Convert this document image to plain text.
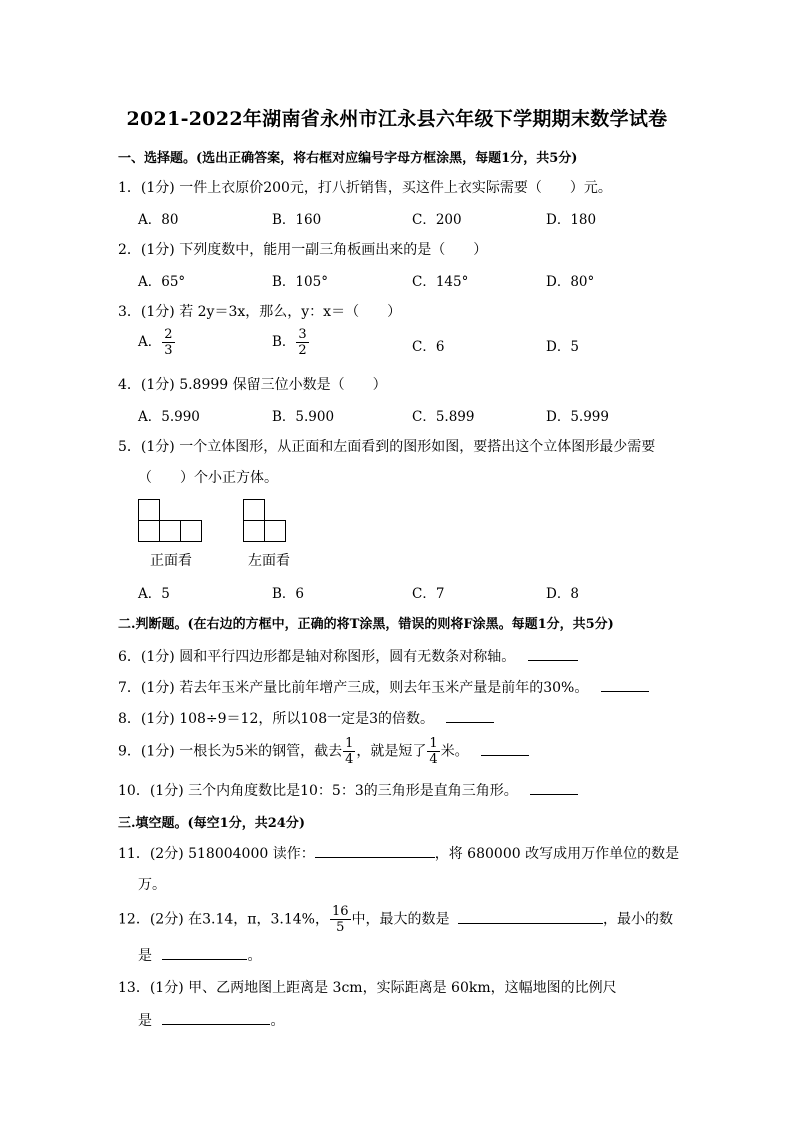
2021-2022年湖南省永州市江永县六年级下学期期末数学试卷
一、选择题。(选出正确答案，将右框对应编号字母方框涂黑，每题1分，共5分)
1．(1分) 一件上衣原价200元，打八折销售，买这件上衣实际需要（　　）元。
A．80	B．160	C．200	D．180
2．(1分) 下列度数中，能用一副三角板画出来的是（　　）
A．65°	B．105°	C．145°	D．80°
3．(1分) 若 2y＝3x，那么，y：x＝（　　）
A． $\frac{2}{3}$	B． $\frac{3}{2}$	C．6	D．5
4．(1分) 5.8999 保留三位小数是（　　）
A．5.990	B．5.900	C．5.899	D．5.999
5．(1分) 一个立体图形，从正面和左面看到的图形如图，要搭出这个立体图形最少需要
（　　）个小正方体。
正面看	左面看
A．5	B．6	C．7	D．8
二.判断题。(在右边的方框中，正确的将T涂黑，错误的则将F涂黑。每题1分，共5分)
6．(1分) 圆和平行四边形都是轴对称图形，圆有无数条对称轴。
7．(1分) 若去年玉米产量比前年增产三成，则去年玉米产量是前年的30%。
8．(1分) 108÷9＝12，所以108一定是3的倍数。
9．(1分) 一根长为5米的钢管，截去 $\frac{1}{4}$ ，就是短了 $\frac{1}{4}$ 米。
10．(1分) 三个内角度数比是10：5：3的三角形是直角三角形。
三.填空题。(每空1分，共24分)
11．(2分) 518004000 读作：	，将 680000 改写成用万作单位的数是
万。
12．(2分) 在3.14，π，3.14%， $\frac{16}{5}$ 中，最大的数是	，最小的数
是	。
13．(1分) 甲、乙两地图上距离是 3cm，实际距离是 60km，这幅地图的比例尺
是	。
